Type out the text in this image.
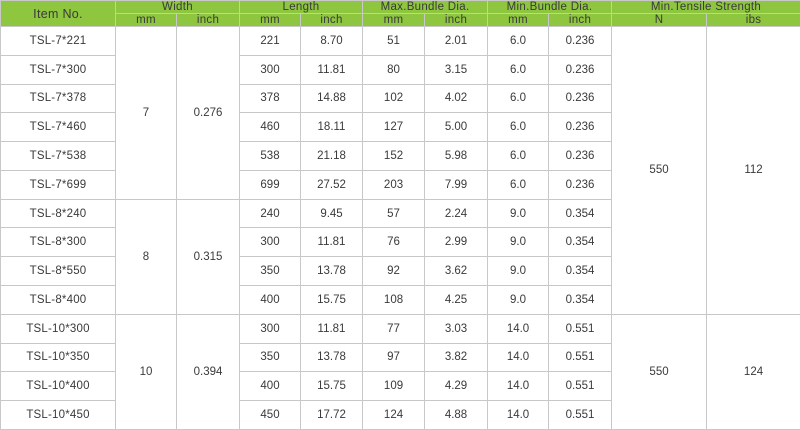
Item No.	Width		Length		Max.Bundle Dia.		Min.Bundle Dia.		Min.Tensile Strength	
	mm	inch	mm	inch	mm	inch	mm	inch	N	ibs
TSL-7*221	7	0.276	221	8.70	51	2.01	6.0	0.236	550	112
TSL-7*300			300	11.81	80	3.15	6.0	0.236		
TSL-7*378			378	14.88	102	4.02	6.0	0.236		
TSL-7*460			460	18.11	127	5.00	6.0	0.236		
TSL-7*538			538	21.18	152	5.98	6.0	0.236		
TSL-7*699			699	27.52	203	7.99	6.0	0.236		
TSL-8*240	8	0.315	240	9.45	57	2.24	9.0	0.354		
TSL-8*300			300	11.81	76	2.99	9.0	0.354		
TSL-8*550			350	13.78	92	3.62	9.0	0.354		
TSL-8*400			400	15.75	108	4.25	9.0	0.354		
TSL-10*300	10	0.394	300	11.81	77	3.03	14.0	0.551	550	124
TSL-10*350			350	13.78	97	3.82	14.0	0.551		
TSL-10*400			400	15.75	109	4.29	14.0	0.551		
TSL-10*450			450	17.72	124	4.88	14.0	0.551		
